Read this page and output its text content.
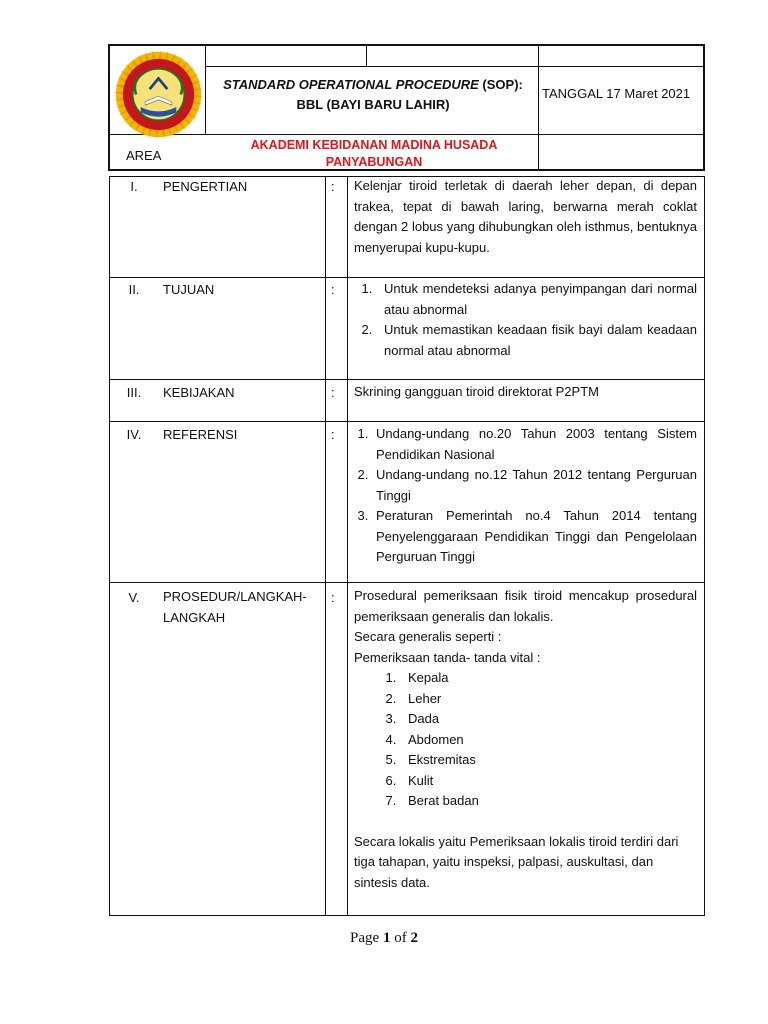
STANDARD OPERATIONAL PROCEDURE (SOP):
BBL (BAYI BARU LAHIR)
TANGGAL 17 Maret 2021
AREA
AKADEMI KEBIDANAN MADINA HUSADA
PANYABUNGAN
I.	PENGERTIAN	: Kelenjar tiroid terletak di daerah leher depan, di depan trakea, tepat di bawah laring, berwarna merah coklat dengan 2 lobus yang dihubungkan oleh isthmus, bentuknya menyerupai kupu-kupu.
II.	TUJUAN	:	1. Untuk mendeteksi adanya penyimpangan dari normal atau abnormal
2. Untuk memastikan keadaan fisik bayi dalam keadaan normal atau abnormal
III.	KEBIJAKAN	: Skrining gangguan tiroid direktorat P2PTM
IV.	REFERENSI	:	1. Undang-undang no.20 Tahun 2003 tentang Sistem Pendidikan Nasional
2. Undang-undang no.12 Tahun 2012 tentang Perguruan Tinggi
3. Peraturan Pemerintah no.4 Tahun 2014 tentang Penyelenggaraan Pendidikan Tinggi dan Pengelolaan Perguruan Tinggi
V.	PROSEDUR/LANGKAH-LANGKAH
: Prosedural pemeriksaan fisik tiroid mencakup prosedural pemeriksaan generalis dan lokalis.

Secara generalis seperti :

Pemeriksaan tanda- tanda vital :

1. Kepala
2. Leher
3. Dada
4. Abdomen
5. Ekstremitas
6. Kulit
7. Berat badan

Secara lokalis yaitu Pemeriksaan lokalis tiroid terdiri dari tiga tahapan, yaitu inspeksi, palpasi, auskultasi, dan sintesis data.

Page 1 of 2
